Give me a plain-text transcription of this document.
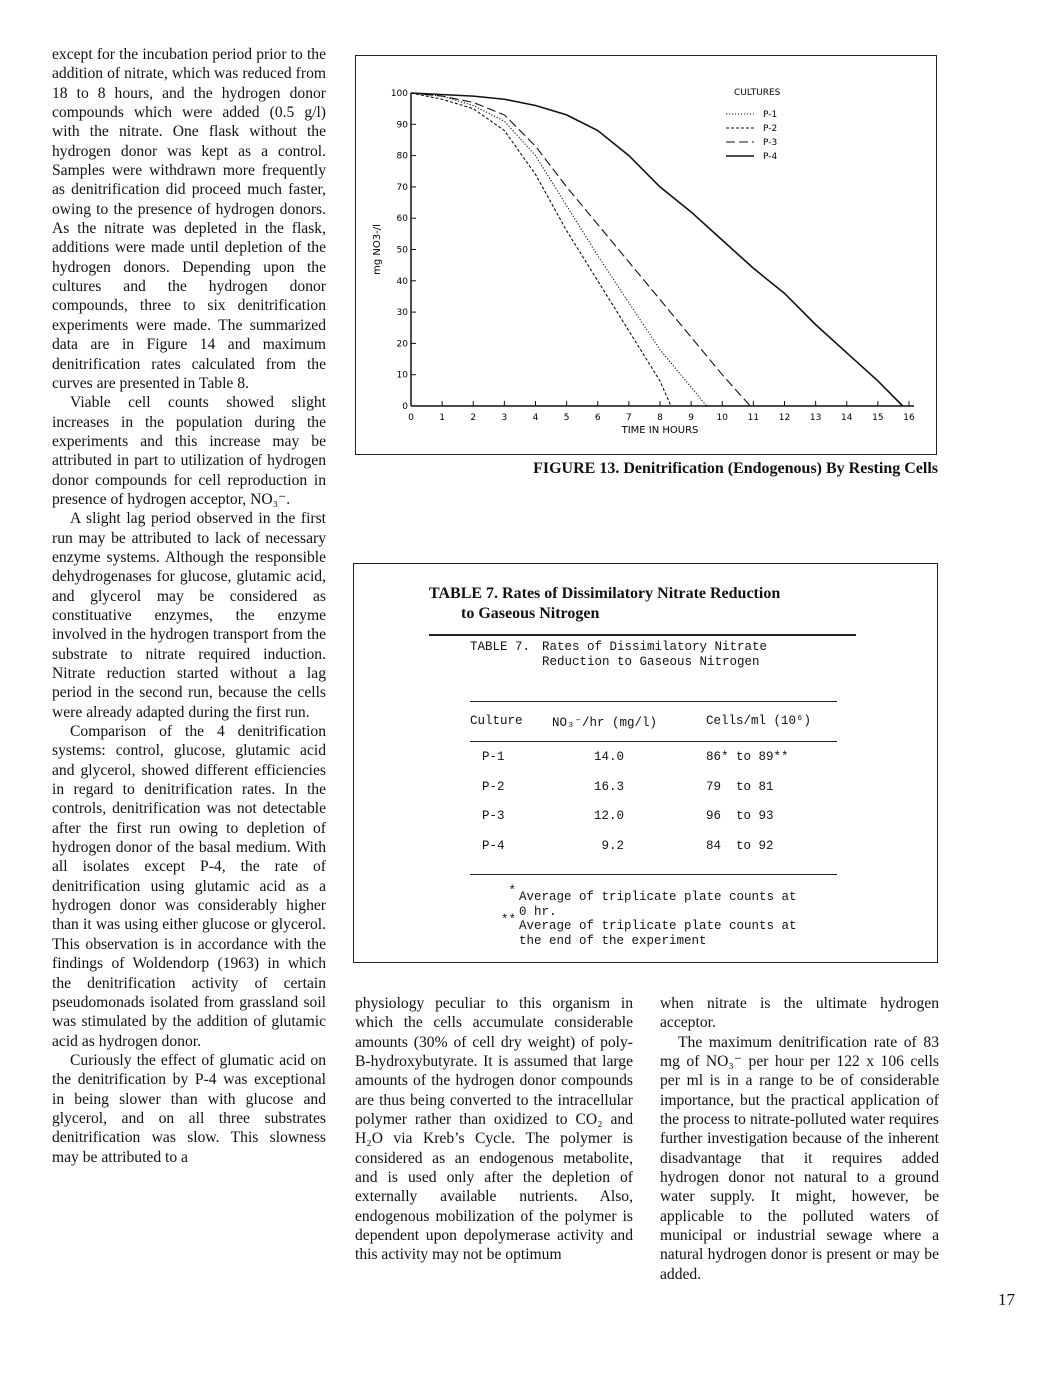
except for the incubation period prior to the addition of nitrate, which was reduced from 18 to 8 hours, and the hydrogen donor compounds which were added (0.5 g/l) with the nitrate. One flask without the hydrogen donor was kept as a control. Samples were withdrawn more frequently as denitrification did proceed much faster, owing to the presence of hydrogen donors. As the nitrate was depleted in the flask, additions were made until depletion of the hydrogen donors. Depending upon the cultures and the hydrogen donor compounds, three to six denitrification experiments were made. The summarized data are in Figure 14 and maximum denitrification rates calculated from the curves are presented in Table 8.

Viable cell counts showed slight increases in the population during the experiments and this increase may be attributed in part to utilization of hydrogen donor compounds for cell reproduction in presence of hydrogen acceptor, NO₃⁻.

A slight lag period observed in the first run may be attributed to lack of necessary enzyme systems. Although the responsible dehydrogenases for glucose, glutamic acid, and glycerol may be considered as constituative enzymes, the enzyme involved in the hydrogen transport from the substrate to nitrate required induction. Nitrate reduction started without a lag period in the second run, because the cells were already adapted during the first run.

Comparison of the 4 denitrification systems: control, glucose, glutamic acid and glycerol, showed different efficiencies in regard to denitrification rates. In the controls, denitrification was not detectable after the first run owing to depletion of hydrogen donor of the basal medium. With all isolates except P-4, the rate of denitrification using glutamic acid as a hydrogen donor was considerably higher than it was using either glucose or glycerol. This observation is in accordance with the findings of Woldendorp (1963) in which the denitrification activity of certain pseudomonads isolated from grassland soil was stimulated by the addition of glutamic acid as hydrogen donor.

Curiously the effect of glumatic acid on the denitrification by P-4 was exceptional in being slower than with glucose and glycerol, and on all three substrates denitrification was slow. This slowness may be attributed to a

0	1	2	3	4	5	6	7	8	9	10 11 12 13 14 15 16
0
10
20
30
40
50
60
70
80
90
100
TIME IN HOURS
mg NO3-/l
P-1
P-2
P-3
P-4
CULTURES
FIGURE 13. Denitrification (Endogenous) By Resting Cells
TABLE 7. Rates of Dissimilatory Nitrate Reduction
to Gaseous Nitrogen
TABLE 7. Rates of Dissimilatory Nitrate
Reduction to Gaseous Nitrogen
Culture NO₃⁻/hr (mg/l)	Cells/ml (10⁶)
P-1	14.0	86* to 89**
P-2	16.3	79  to 81
P-3	12.0	96  to 93
P-4	9.2	84  to 92
* Average of triplicate plate counts at 0 hr.
** Average of triplicate plate counts at the end of the experiment

physiology peculiar to this organism in which the cells accumulate considerable amounts (30% of cell dry weight) of poly-B-hydroxybutyrate. It is assumed that large amounts of the hydrogen donor compounds are thus being converted to the intracellular polymer rather than oxidized to CO₂ and H₂O via Kreb’s Cycle. The polymer is considered as an endogenous metabolite, and is used only after the depletion of externally available nutrients. Also, endogenous mobilization of the polymer is dependent upon depolymerase activity and this activity may not be optimum

when nitrate is the ultimate hydrogen acceptor.

The maximum denitrification rate of 83 mg of NO₃⁻ per hour per 122 x 106 cells per ml is in a range to be of considerable importance, but the practical application of the process to nitrate-polluted water requires further investigation because of the inherent disadvantage that it requires added hydrogen donor not natural to a ground water supply. It might, however, be applicable to the polluted waters of municipal or industrial sewage where a natural hydrogen donor is present or may be added.

17
